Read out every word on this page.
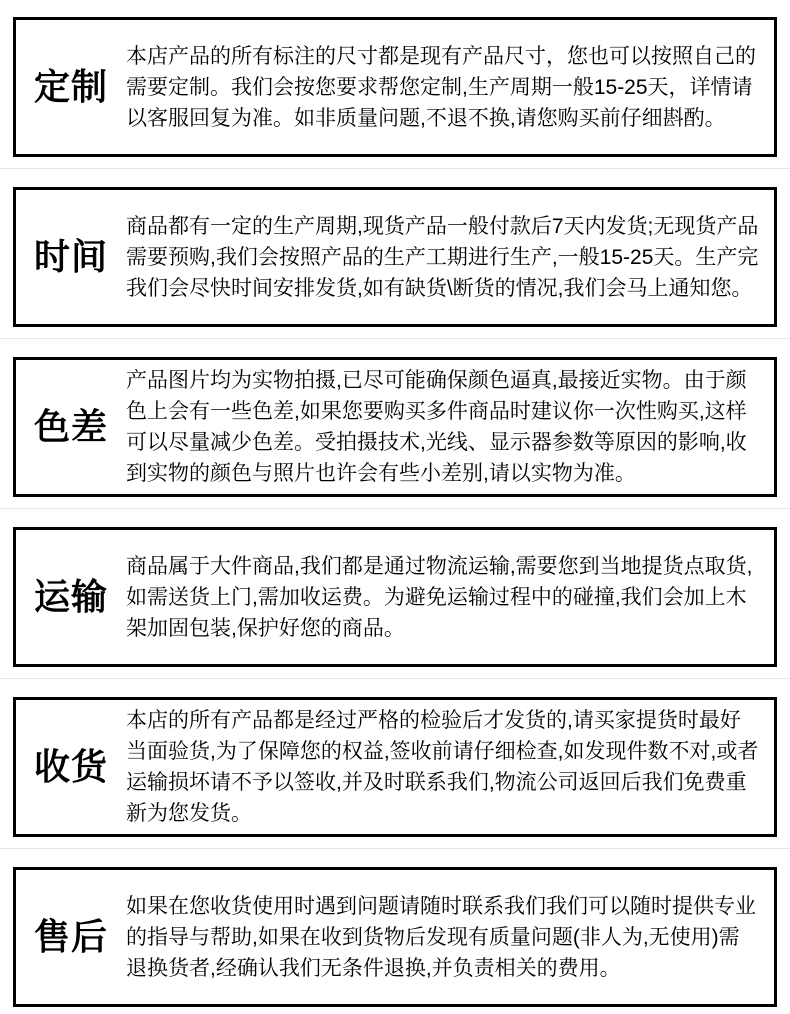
定制
本店产品的所有标注的尺寸都是现有产品尺寸，您也可以按照自己的需要定制。我们会按您要求帮您定制,生产周期一般15-25天，详情请以客服回复为准。如非质量问题,不退不换,请您购买前仔细斟酌。
时间
商品都有一定的生产周期,现货产品一般付款后7天内发货;无现货产品需要预购,我们会按照产品的生产工期进行生产,一般15-25天。生产完我们会尽快时间安排发货,如有缺货\断货的情况,我们会马上通知您。
色差
产品图片均为实物拍摄,已尽可能确保颜色逼真,最接近实物。由于颜色上会有一些色差,如果您要购买多件商品时建议你一次性购买,这样可以尽量减少色差。受拍摄技术,光线、显示器参数等原因的影响,收到实物的颜色与照片也许会有些小差别,请以实物为准。
运输
商品属于大件商品,我们都是通过物流运输,需要您到当地提货点取货,如需送货上门,需加收运费。为避免运输过程中的碰撞,我们会加上木架加固包装,保护好您的商品。
收货
本店的所有产品都是经过严格的检验后才发货的,请买家提货时最好当面验货,为了保障您的权益,签收前请仔细检查,如发现件数不对,或者运输损坏请不予以签收,并及时联系我们,物流公司返回后我们免费重新为您发货。
售后
如果在您收货使用时遇到问题请随时联系我们我们可以随时提供专业的指导与帮助,如果在收到货物后发现有质量问题(非人为,无使用)需退换货者,经确认我们无条件退换,并负责相关的费用。
